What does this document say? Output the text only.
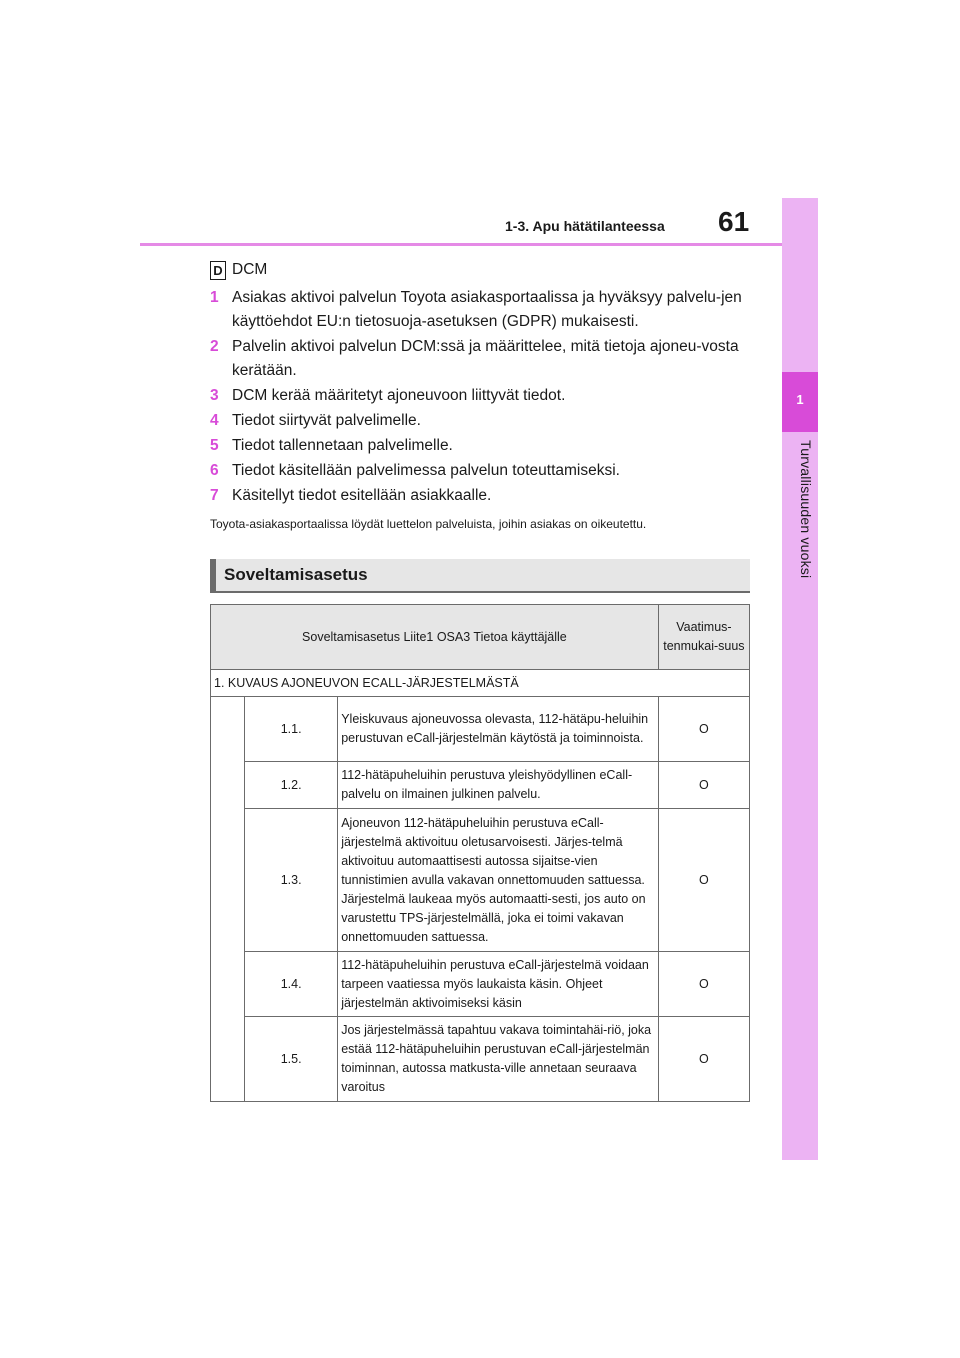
1-3. Apu hätätilanteessa 61
1
Turvallisuuden vuoksi
D DCM
1 Asiakas aktivoi palvelun Toyota asiakasportaalissa ja hyväksyy palvelu-jen käyttöehdot EU:n tietosuoja-asetuksen (GDPR) mukaisesti.
2 Palvelin aktivoi palvelun DCM:ssä ja määrittelee, mitä tietoja ajoneu-vosta kerätään.
3 DCM kerää määritetyt ajoneuvoon liittyvät tiedot.
4 Tiedot siirtyvät palvelimelle.
5 Tiedot tallennetaan palvelimelle.
6 Tiedot käsitellään palvelimessa palvelun toteuttamiseksi.
7 Käsitellyt tiedot esitellään asiakkaalle.
Toyota-asiakasportaalissa löydät luettelon palveluista, joihin asiakas on oikeutettu.
Soveltamisasetus
Soveltamisasetus Liite1 OSA3 Tietoa käyttäjälle			Vaatimus-tenmukai-suus
1. KUVAUS AJONEUVON ECALL-JÄRJESTELMÄSTÄ			
	1.1.	Yleiskuvaus ajoneuvossa olevasta, 112-hätäpu-heluihin perustuvan eCall-järjestelmän käytöstä ja toiminnoista.	O
	1.2.	112-hätäpuheluihin perustuva yleishyödyllinen eCall-palvelu on ilmainen julkinen palvelu.	O
	1.3.	Ajoneuvon 112-hätäpuheluihin perustuva eCall-järjestelmä aktivoituu oletusarvoisesti. Järjes-telmä aktivoituu automaattisesti autossa sijaitse-vien tunnistimien avulla vakavan onnettomuuden sattuessa. Järjestelmä laukeaa myös automaatti-sesti, jos auto on varustettu TPS-järjestelmällä, joka ei toimi vakavan onnettomuuden sattuessa.	O
	1.4.	112-hätäpuheluihin perustuva eCall-järjestelmä voidaan tarpeen vaatiessa myös laukaista käsin. Ohjeet järjestelmän aktivoimiseksi käsin	O
	1.5.	Jos järjestelmässä tapahtuu vakava toimintahäi-riö, joka estää 112-hätäpuheluihin perustuvan eCall-järjestelmän toiminnan, autossa matkusta-ville annetaan seuraava varoitus	O
